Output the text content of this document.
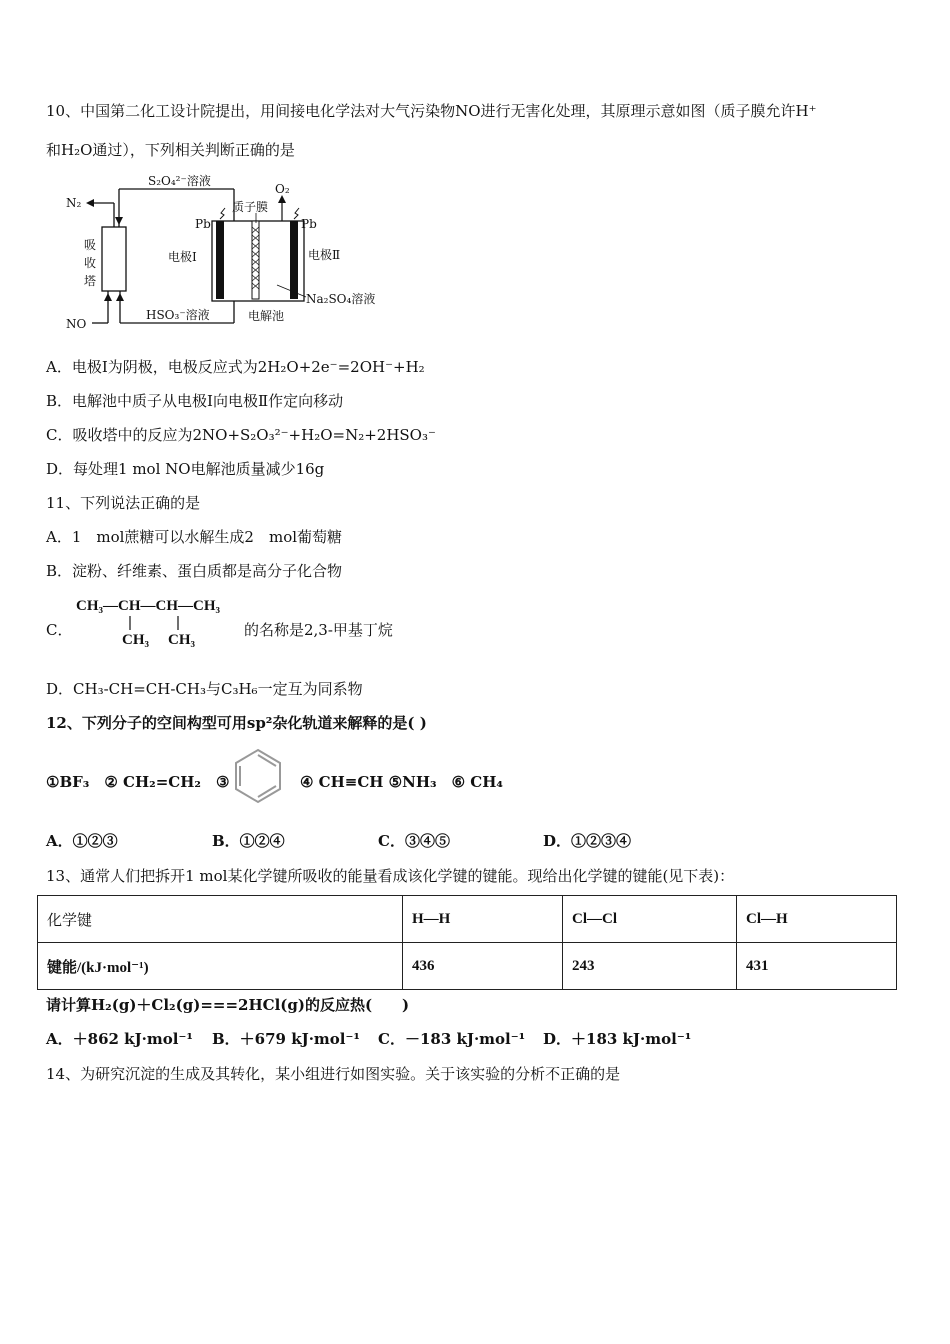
10、中国第二化工设计院提出，用间接电化学法对大气污染物NO进行无害化处理，其原理示意如图（质子膜允许H⁺
和H₂O通过），下列相关判断正确的是
N₂
S₂O₄²⁻溶液
Pb	Pb
质子膜
O₂
电极Ⅰ	电极Ⅱ
Na₂SO₄溶液
吸
收
塔
NO
HSO₃⁻溶液	电解池
A．电极Ⅰ为阴极，电极反应式为2H₂O+2e⁻=2OH⁻+H₂
B．电解池中质子从电极Ⅰ向电极Ⅱ作定向移动
C．吸收塔中的反应为2NO+S₂O₃²⁻+H₂O=N₂+2HSO₃⁻
D．每处理1 mol NO电解池质量减少16g
11、下列说法正确的是
A．1　mol蔗糖可以水解生成2　mol葡萄糖
B．淀粉、纤维素、蛋白质都是高分子化合物
C．
CH₃—CH—CH—CH₃
CH₃ CH₃
的名称是2,3-甲基丁烷
D．CH₃-CH=CH-CH₃与C₃H₆一定互为同系物
12、下列分子的空间构型可用sp²杂化轨道来解释的是( )
①BF₃　② CH₂=CH₂　③	④ CH≡CH ⑤NH₃　⑥ CH₄
A．①②③	B．①②④	C．③④⑤	D．①②③④
13、通常人们把拆开1 mol某化学键所吸收的能量看成该化学键的键能。现给出化学键的键能(见下表)：
化学键	H—H	Cl—Cl	Cl—H
键能/(kJ·mol⁻¹)	436	243	431
请计算H₂(g)＋Cl₂(g)===2HCl(g)的反应热(　　)
A．＋862 kJ·mol⁻¹ B．＋679 kJ·mol⁻¹ C．－183 kJ·mol⁻¹ D．＋183 kJ·mol⁻¹
14、为研究沉淀的生成及其转化，某小组进行如图实验。关于该实验的分析不正确的是
